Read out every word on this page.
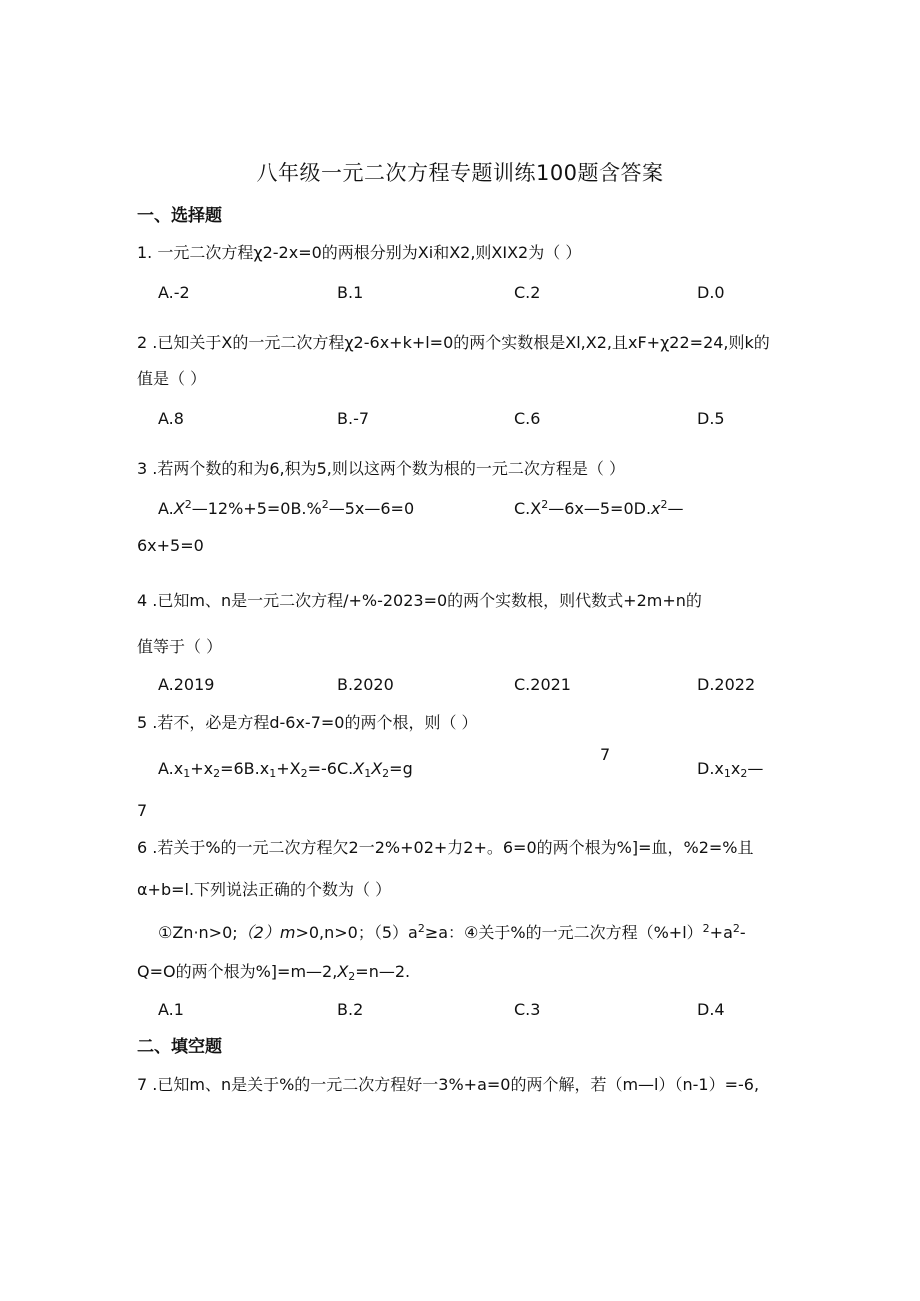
八年级一元二次方程专题训练100题含答案
一、选择题
1. 一元二次方程χ2-2x=0的两根分别为Xi和X2,则XIX2为（ ）
A.-2	B.1	C.2	D.0
2 .已知关于X的一元二次方程χ2-6x+k+l=0的两个实数根是Xl,X2,且xF+χ22=24,则k的
值是（ ）
A.8	B.-7	C.6	D.5
3 .若两个数的和为6,积为5,则以这两个数为根的一元二次方程是（ ）
$A.X^2—12\%+5=0B.\%^2—5x—6=0$	$C.X^2—6x—5=0D.x^2—$
6x+5=0
4 .已知m、n是一元二次方程/+%-2023=0的两个实数根，则代数式+2m+n的
值等于（ ）
A.2019	B.2020	C.2021	D.2022
5 .若不，必是方程d-6x-7=0的两个根，则（ ）
7
$A.x_1+x_2=6B.x_1+X_2=-6C.X_1X_2=g$	$D.x_1x_2—$
7
6 .若关于%的一元二次方程欠2一2%+02+力2+。6=0的两个根为%]=血，%2=%且
α+b=l.下列说法正确的个数为（ ）
①Zn·n>0;（2）m>0,n>0；$(5)a^2\ge a$：④关于%的一元二次方程$(\%+l)^2+a^2-$
Q=O的两个根为$\%]=m—2,X_2=n—2$.
A.1	B.2	C.3	D.4
二、填空题
7 .已知m、n是关于%的一元二次方程好一3%+a=0的两个解，若（m—l）（n-1）=-6,
